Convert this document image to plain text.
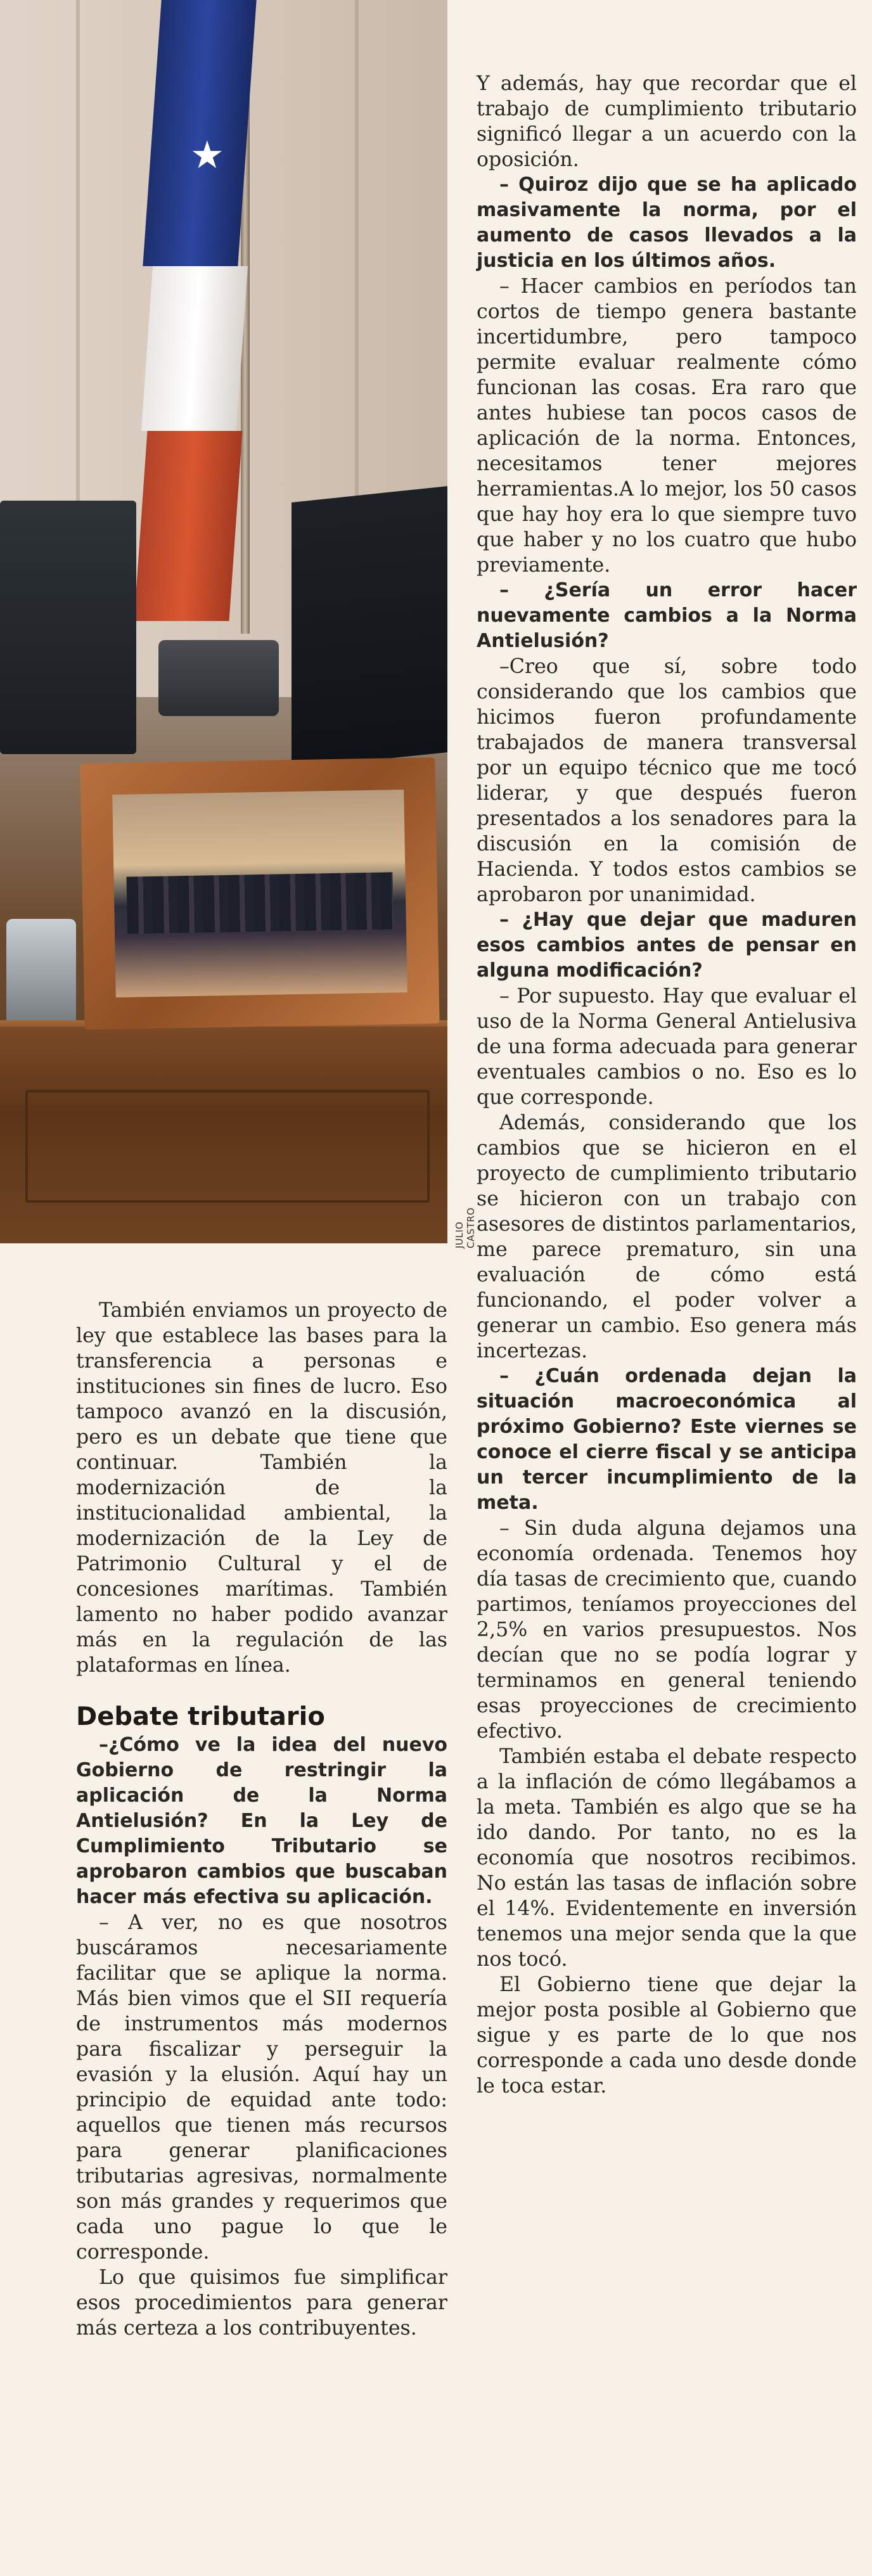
★
JULIO CASTRO

Y además, hay que recordar que el trabajo de cumplimiento tributario significó llegar a un acuerdo con la oposición.

– Quiroz dijo que se ha aplicado masivamente la norma, por el aumento de casos llevados a la justicia en los últimos años.

– Hacer cambios en períodos tan cortos de tiempo genera bastante incertidumbre, pero tampoco permite evaluar realmente cómo funcionan las cosas. Era raro que antes hubiese tan pocos casos de aplicación de la norma. Entonces, necesitamos tener mejores herramientas.A lo mejor, los 50 casos que hay hoy era lo que siempre tuvo que haber y no los cuatro que hubo previamente.

– ¿Sería un error hacer nuevamente cambios a la Norma Antielusión?

–Creo que sí, sobre todo considerando que los cambios que hicimos fueron profundamente trabajados de manera transversal por un equipo técnico que me tocó liderar, y que después fueron presentados a los senadores para la discusión en la comisión de Hacienda. Y todos estos cambios se aprobaron por unanimidad.

– ¿Hay que dejar que maduren esos cambios antes de pensar en alguna modificación?

– Por supuesto. Hay que evaluar el uso de la Norma General Antielusiva de una forma adecuada para generar eventuales cambios o no. Eso es lo que corresponde.

Además, considerando que los cambios que se hicieron en el proyecto de cumplimiento tributario se hicieron con un trabajo con asesores de distintos parlamentarios, me parece prematuro, sin una evaluación de cómo está funcionando, el poder volver a generar un cambio. Eso genera más incertezas.

– ¿Cuán ordenada dejan la situación macroeconómica al próximo Gobierno? Este viernes se conoce el cierre fiscal y se anticipa un tercer incumplimiento de la meta.

– Sin duda alguna dejamos una economía ordenada. Tenemos hoy día tasas de crecimiento que, cuando partimos, teníamos proyecciones del 2,5% en varios presupuestos. Nos decían que no se podía lograr y terminamos en general teniendo esas proyecciones de crecimiento efectivo.

También estaba el debate respecto a la inflación de cómo llegábamos a la meta. También es algo que se ha ido dando. Por tanto, no es la economía que nosotros recibimos. No están las tasas de inflación sobre el 14%. Evidentemente en inversión tenemos una mejor senda que la que nos tocó.

El Gobierno tiene que dejar la mejor posta posible al Gobierno que sigue y es parte de lo que nos corresponde a cada uno desde donde le toca estar.

También enviamos un proyecto de ley que establece las bases para la transferencia a personas e instituciones sin fines de lucro. Eso tampoco avanzó en la discusión, pero es un debate que tiene que continuar. También la modernización de la institucionalidad ambiental, la modernización de la Ley de Patrimonio Cultural y el de concesiones marítimas. También lamento no haber podido avanzar más en la regulación de las plataformas en línea.

Debate tributario

–¿Cómo ve la idea del nuevo Gobierno de restringir la aplicación de la Norma Antielusión? En la Ley de Cumplimiento Tributario se aprobaron cambios que buscaban hacer más efectiva su aplicación.

– A ver, no es que nosotros buscáramos necesariamente facilitar que se aplique la norma. Más bien vimos que el SII requería de instrumentos más modernos para fiscalizar y perseguir la evasión y la elusión. Aquí hay un principio de equidad ante todo: aquellos que tienen más recursos para generar planificaciones tributarias agresivas, normalmente son más grandes y requerimos que cada uno pague lo que le corresponde.

Lo que quisimos fue simplificar esos procedimientos para generar más certeza a los contribuyentes.
